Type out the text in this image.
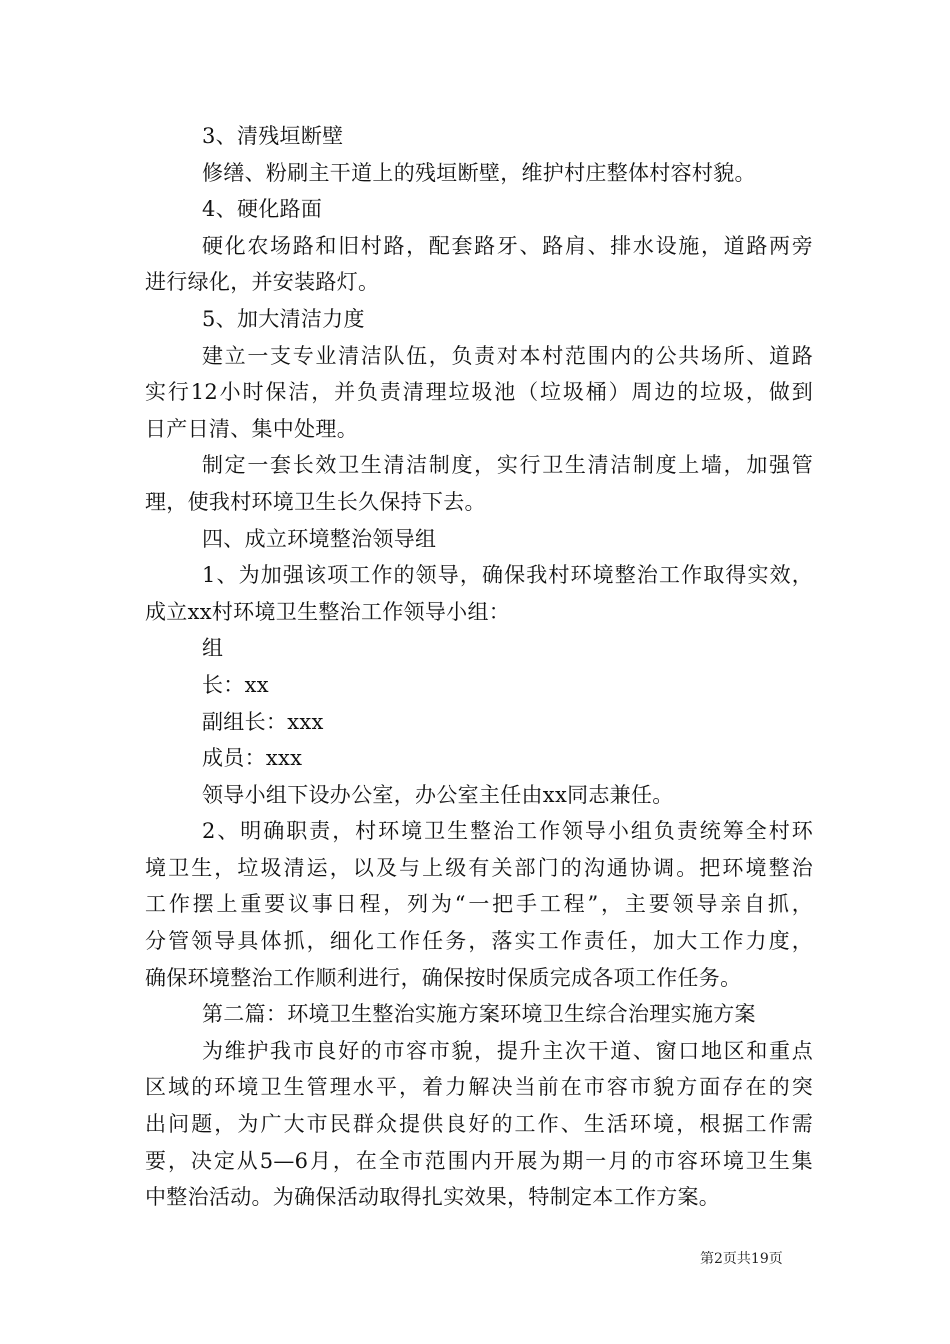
3、清残垣断壁
修缮、粉刷主干道上的残垣断壁，维护村庄整体村容村貌。
4、硬化路面
硬化农场路和旧村路，配套路牙、路肩、排水设施，道路两旁
进行绿化，并安装路灯。
5、加大清洁力度
建立一支专业清洁队伍，负责对本村范围内的公共场所、道路
实行12小时保洁，并负责清理垃圾池（垃圾桶）周边的垃圾，做到
日产日清、集中处理。
制定一套长效卫生清洁制度，实行卫生清洁制度上墙，加强管
理，使我村环境卫生长久保持下去。
四、成立环境整治领导组
1、为加强该项工作的领导，确保我村环境整治工作取得实效，
成立xx村环境卫生整治工作领导小组：
组
长：xx
副组长：xxx
成员：xxx
领导小组下设办公室，办公室主任由xx同志兼任。
2、明确职责，村环境卫生整治工作领导小组负责统筹全村环
境卫生，垃圾清运，以及与上级有关部门的沟通协调。把环境整治
工作摆上重要议事日程，列为“一把手工程”，主要领导亲自抓，
分管领导具体抓，细化工作任务，落实工作责任，加大工作力度，
确保环境整治工作顺利进行，确保按时保质完成各项工作任务。
第二篇：环境卫生整治实施方案环境卫生综合治理实施方案
为维护我市良好的市容市貌，提升主次干道、窗口地区和重点
区域的环境卫生管理水平，着力解决当前在市容市貌方面存在的突
出问题，为广大市民群众提供良好的工作、生活环境，根据工作需
要，决定从5—6月，在全市范围内开展为期一月的市容环境卫生集
中整治活动。为确保活动取得扎实效果，特制定本工作方案。
第2页共19页
